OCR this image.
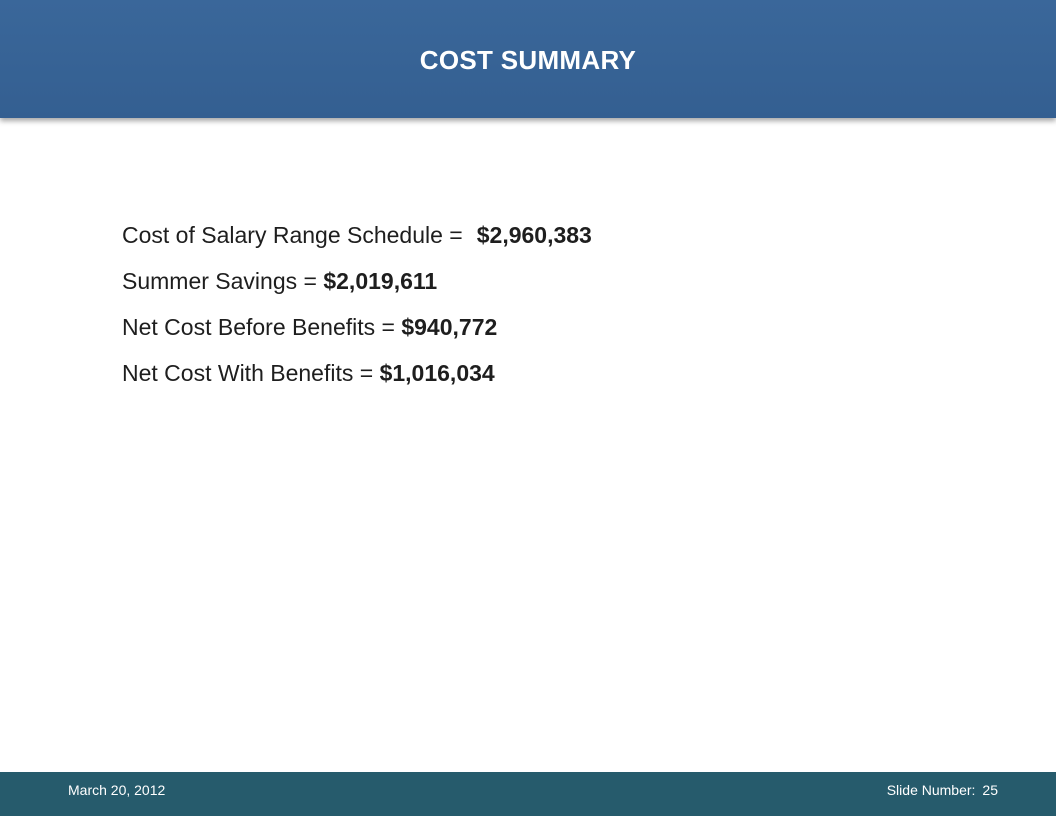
COST SUMMARY
Cost of Salary Range Schedule = $2,960,383
Summer Savings = $2,019,611
Net Cost Before Benefits = $940,772
Net Cost With Benefits = $1,016,034
March 20, 2012	Slide Number: 25
